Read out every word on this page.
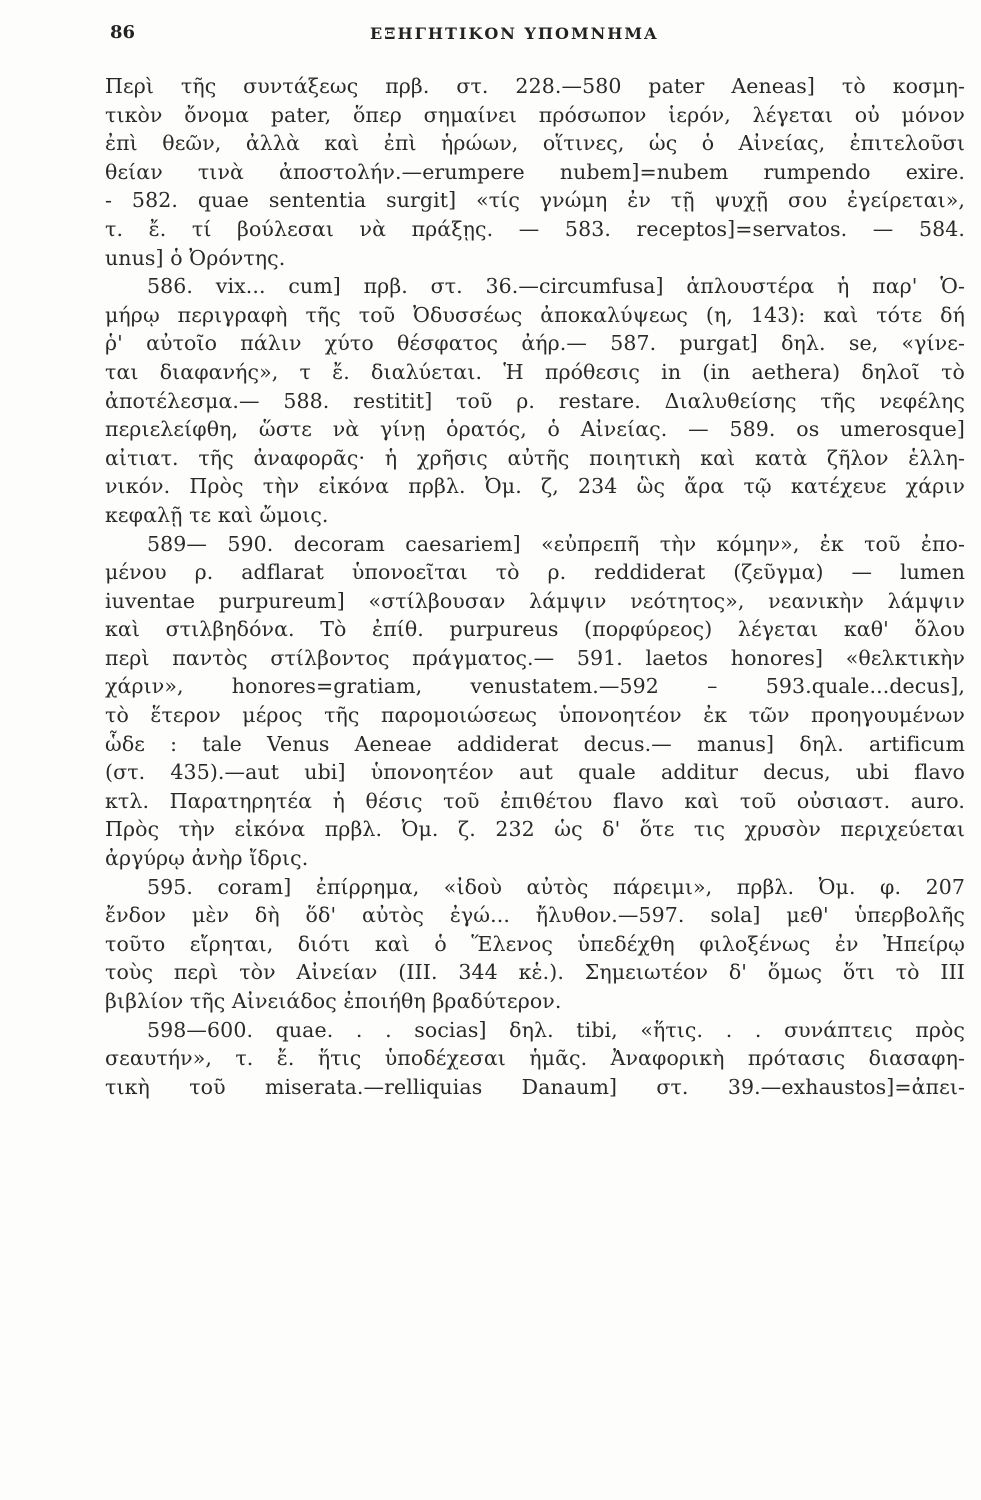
86	ΕΞΗΓΗΤΙΚΟΝ ΥΠΟΜΝΗΜΑ
Περὶ τῆς συντάξεως πρβ. στ. 228.—580 pater Aeneas] τὸ κοσμη-
τικὸν ὄνομα pater, ὅπερ σημαίνει πρόσωπον ἱερόν, λέγεται οὐ μόνον
ἐπὶ θεῶν, ἀλλὰ καὶ ἐπὶ ἡρώων, οἵτινες, ὡς ὁ Αἰνείας, ἐπιτελοῦσι
θείαν τινὰ ἀποστολήν.—erumpere nubem]=nubem rumpendo exire.
- 582. quae sententia surgit] «τίς γνώμη ἐν τῇ ψυχῇ σου ἐγείρεται»,
τ. ἔ. τί βούλεσαι νὰ πράξῃς. — 583. receptos]=servatos. — 584.
unus] ὁ Ὀρόντης.
586. vix... cum] πρβ. στ. 36.—circumfusa] ἁπλουστέρα ἡ παρ' Ὁ-
μήρῳ περιγραφὴ τῆς τοῦ Ὀδυσσέως ἀποκαλύψεως (η, 143): καὶ τότε δή
ῥ' αὐτοῖο πάλιν χύτο θέσφατος ἀήρ.— 587. purgat] δηλ. se, «γίνε-
ται διαφανής», τ ἔ. διαλύεται. Ἡ πρόθεσις in (in aethera) δηλοῖ τὸ
ἀποτέλεσμα.— 588. restitit] τοῦ ρ. restare. Διαλυθείσης τῆς νεφέλης
περιελείφθη, ὥστε νὰ γίνῃ ὁρατός, ὁ Αἰνείας. — 589. os umerosque]
αἰτιατ. τῆς ἀναφορᾶς· ἡ χρῆσις αὐτῆς ποιητικὴ καὶ κατὰ ζῆλον ἑλλη-
νικόν. Πρὸς τὴν εἰκόνα πρβλ. Ὀμ. ζ, 234 ὣς ἄρα τῷ κατέχευε χάριν
κεφαλῇ τε καὶ ὤμοις.
589— 590. decoram caesariem] «εὐπρεπῆ τὴν κόμην», ἐκ τοῦ ἐπο-
μένου ρ. adflarat ὑπονοεῖται τὸ ρ. reddiderat (ζεῦγμα) — lumen
iuventae purpureum] «στίλβουσαν λάμψιν νεότητος», νεανικὴν λάμψιν
καὶ στιλβηδόνα. Τὸ ἐπίθ. purpureus (πορφύρεος) λέγεται καθ' ὅλου
περὶ παντὸς στίλβοντος πράγματος.— 591. laetos honores] «θελκτικὴν
χάριν», honores=gratiam, venustatem.—592 – 593.quale...decus],
τὸ ἕτερον μέρος τῆς παρομοιώσεως ὑπονοητέον ἐκ τῶν προηγουμένων
ὧδε : tale Venus Aeneae addiderat decus.— manus] δηλ. artificum
(στ. 435).—aut ubi] ὑπονοητέον aut quale additur decus, ubi flavo
κτλ. Παρατηρητέα ἡ θέσις τοῦ ἐπιθέτου flavo καὶ τοῦ οὐσιαστ. auro.
Πρὸς τὴν εἰκόνα πρβλ. Ὀμ. ζ. 232 ὡς δ' ὅτε τις χρυσὸν περιχεύεται
ἀργύρῳ ἀνὴρ ἴδρις.
595. coram] ἐπίρρημα, «ἰδοὺ αὐτὸς πάρειμι», πρβλ. Ὀμ. φ. 207
ἔνδον μὲν δὴ ὅδ' αὐτὸς ἐγώ... ἤλυθον.—597. sola] μεθ' ὑπερβολῆς
τοῦτο εἴρηται, διότι καὶ ὁ Ἕλενος ὑπεδέχθη φιλοξένως ἐν Ἠπείρῳ
τοὺς περὶ τὸν Αἰνείαν (III. 344 κἑ.). Σημειωτέον δ' ὅμως ὅτι τὸ III
βιβλίον τῆς Αἰνειάδος ἐποιήθη βραδύτερον.
598—600. quae. . . socias] δηλ. tibi, «ἥτις. . . συνάπτεις πρὸς
σεαυτήν», τ. ἔ. ἥτις ὑποδέχεσαι ἡμᾶς. Ἀναφορικὴ πρότασις διασαφη-
τικὴ τοῦ miserata.—relliquias Danaum] στ. 39.—exhaustos]=ἀπει-
